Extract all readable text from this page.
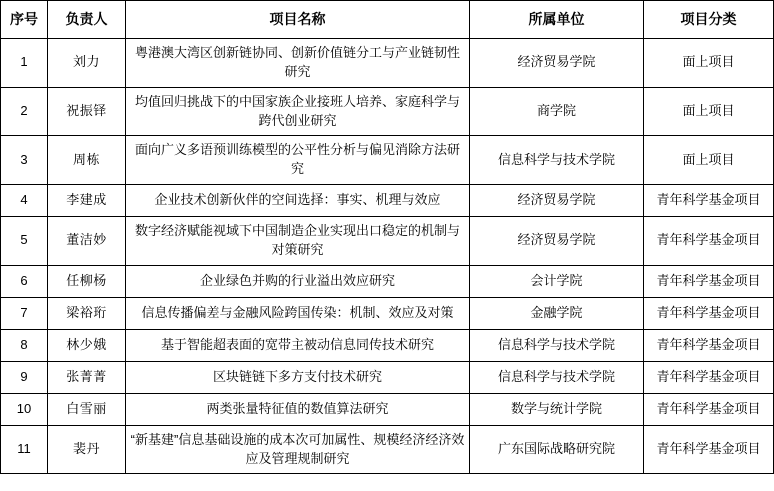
序号	负责人	项目名称	所属单位	项目分类
1	刘力	粤港澳大湾区创新链协同、创新价值链分工与产业链韧性研究	经济贸易学院	面上项目
2	祝振铎	均值回归挑战下的中国家族企业接班人培养、家庭科学与跨代创业研究	商学院	面上项目
3	周栋	面向广义多语预训练模型的公平性分析与偏见消除方法研究	信息科学与技术学院	面上项目
4	李建成	企业技术创新伙伴的空间选择：事实、机理与效应	经济贸易学院	青年科学基金项目
5	董洁妙	数字经济赋能视域下中国制造企业实现出口稳定的机制与对策研究	经济贸易学院	青年科学基金项目
6	任柳杨	企业绿色并购的行业溢出效应研究	会计学院	青年科学基金项目
7	梁裕珩	信息传播偏差与金融风险跨国传染：机制、效应及对策	金融学院	青年科学基金项目
8	林少娥	基于智能超表面的宽带主被动信息同传技术研究	信息科学与技术学院	青年科学基金项目
9	张菁菁	区块链链下多方支付技术研究	信息科学与技术学院	青年科学基金项目
10	白雪丽	两类张量特征值的数值算法研究	数学与统计学院	青年科学基金项目
11	裴丹	“新基建”信息基础设施的成本次可加属性、规模经济经济效应及管理规制研究	广东国际战略研究院	青年科学基金项目
